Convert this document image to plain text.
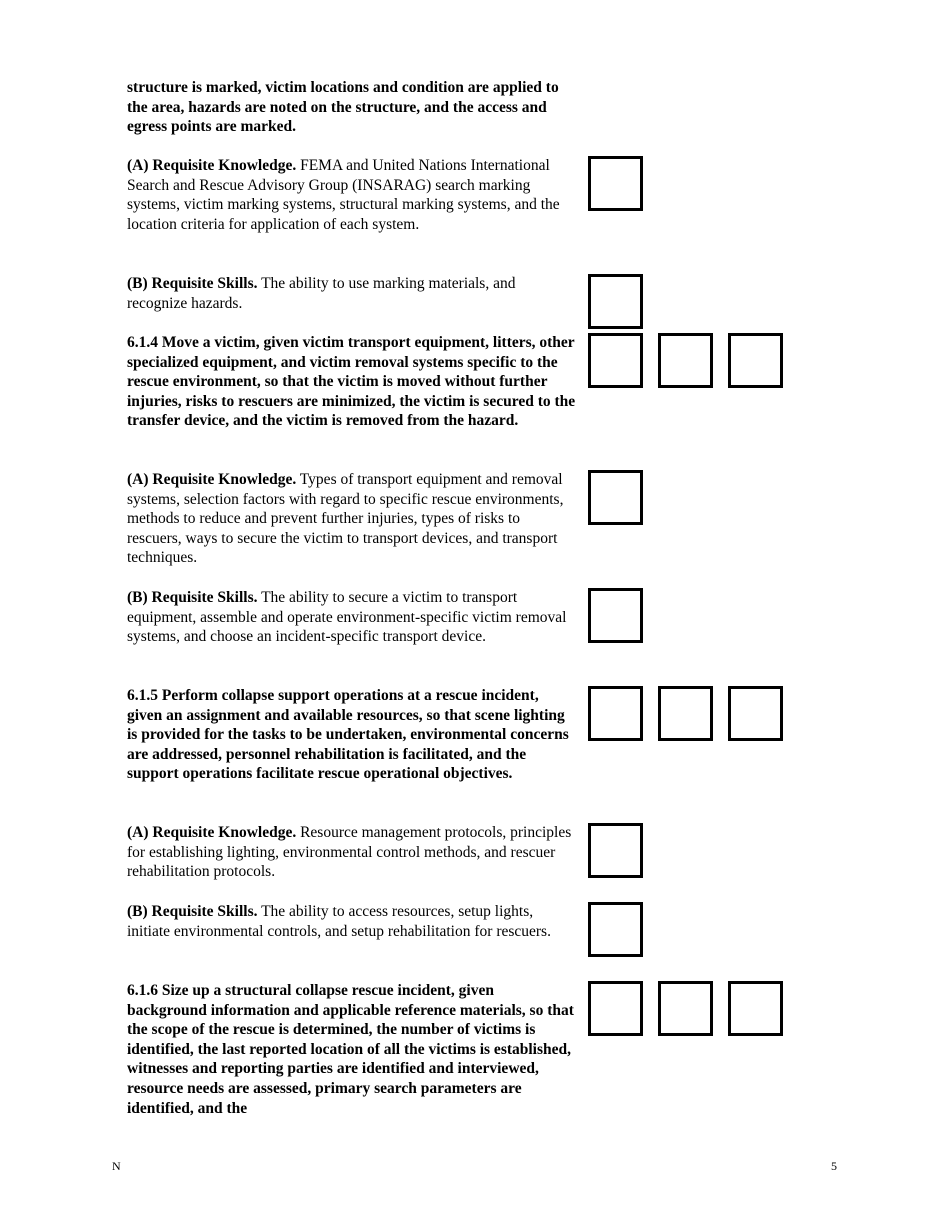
structure is marked, victim locations and condition are applied to the area, hazards are noted on the structure, and the access and egress points are marked.
(A) Requisite Knowledge. FEMA and United Nations International Search and Rescue Advisory Group (INSARAG) search marking systems, victim marking systems, structural marking systems, and the location criteria for application of each system.
(B) Requisite Skills. The ability to use marking materials, and recognize hazards.
6.1.4 Move a victim, given victim transport equipment, litters, other specialized equipment, and victim removal systems specific to the rescue environment, so that the victim is moved without further injuries, risks to rescuers are minimized, the victim is secured to the transfer device, and the victim is removed from the hazard.
(A) Requisite Knowledge. Types of transport equipment and removal systems, selection factors with regard to specific rescue environments, methods to reduce and prevent further injuries, types of risks to rescuers, ways to secure the victim to transport devices, and transport techniques.
(B) Requisite Skills. The ability to secure a victim to transport equipment, assemble and operate environment-specific victim removal systems, and choose an incident-specific transport device.
6.1.5 Perform collapse support operations at a rescue incident, given an assignment and available resources, so that scene lighting is provided for the tasks to be undertaken, environmental concerns are addressed, personnel rehabilitation is facilitated, and the support operations facilitate rescue operational objectives.
(A) Requisite Knowledge. Resource management protocols, principles for establishing lighting, environmental control methods, and rescuer rehabilitation protocols.
(B) Requisite Skills. The ability to access resources, setup lights, initiate environmental controls, and setup rehabilitation for rescuers.
6.1.6 Size up a structural collapse rescue incident, given background information and applicable reference materials, so that the scope of the rescue is determined, the number of victims is identified, the last reported location of all the victims is established, witnesses and reporting parties are identified and interviewed, resource needs are assessed, primary search parameters are identified, and the
N	5
